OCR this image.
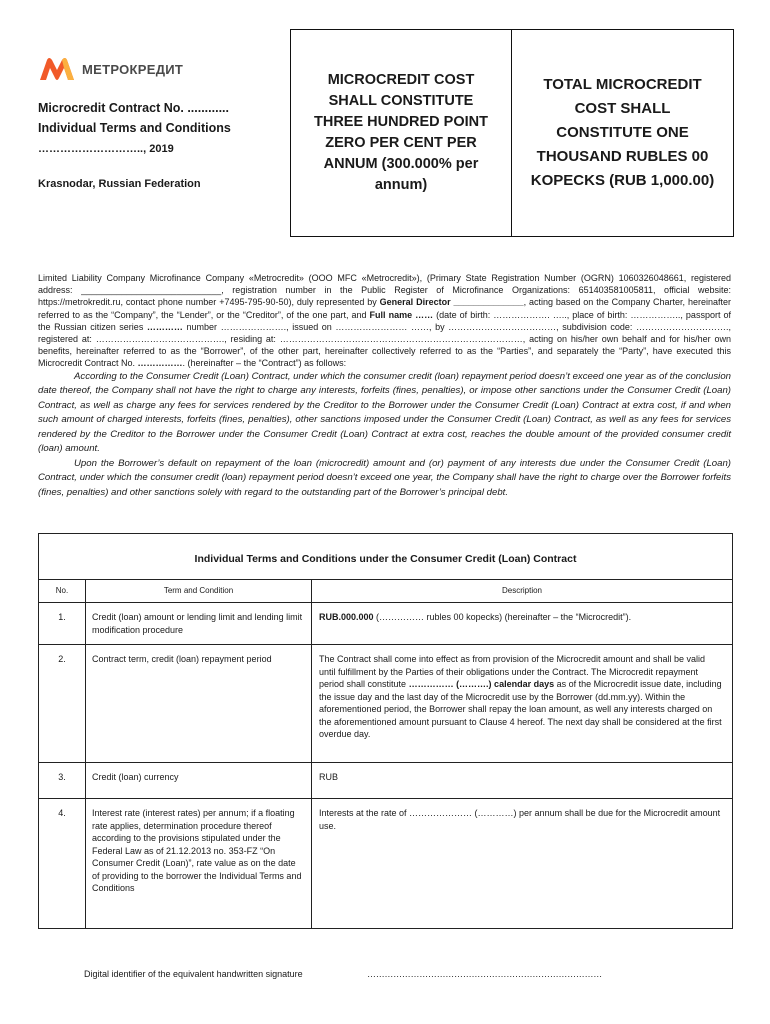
МЕТРОКРЕДИТ
Microcredit Contract No. ............
Individual Terms and Conditions
……………………….., 2019
Krasnodar, Russian Federation
MICROCREDIT COST SHALL CONSTITUTE THREE HUNDRED POINT ZERO PER CENT PER ANNUM (300.000% per annum)
TOTAL MICROCREDIT COST SHALL CONSTITUTE ONE THOUSAND RUBLES 00 KOPECKS (RUB 1,000.00)

Limited Liability Company Microfinance Company «Metrocredit» (OOO MFC «Metrocredit»), (Primary State Registration Number (OGRN) 1060326048661, registered address: ____________________________, registration number in the Public Register of Microfinance Organizations: 651403581005811, official website: https://metrokredit.ru, contact phone number +7495-795-90-50), duly represented by General Director ______________, acting based on the Company Charter, hereinafter referred to as the “Company”, the “Lender”, or the “Creditor”, of the one part, and Full name …… (date of birth: ………………. ….., place of birth: …………….., passport of the Russian citizen series ………… number …………………., issued on …………………… ……, by ………………………………, subdivision code: …………………………., registered at: ……………………………………., residing at: ………………………………………………………………………, acting on his/her own behalf and for his/her own benefits, hereinafter referred to as the “Borrower”, of the other part, hereinafter collectively referred to as the “Parties”, and separately the “Party”, have executed this Microcredit Contract No. ……………. (hereinafter – the “Contract”) as follows:

According to the Consumer Credit (Loan) Contract, under which the consumer credit (loan) repayment period doesn’t exceed one year as of the conclusion date thereof, the Company shall not have the right to charge any interests, forfeits (fines, penalties), or impose other sanctions under the Consumer Credit (Loan) Contract, as well as charge any fees for services rendered by the Creditor to the Borrower under the Consumer Credit (Loan) Contract at extra cost, if and when such amount of charged interests, forfeits (fines, penalties), other sanctions imposed under the Consumer Credit (Loan) Contract, as well as any fees for services rendered by the Creditor to the Borrower under the Consumer Credit (Loan) Contract at extra cost, reaches the double amount of the provided consumer credit (loan) amount.

Upon the Borrower’s default on repayment of the loan (microcredit) amount and (or) payment of any interests due under the Consumer Credit (Loan) Contract, under which the consumer credit (loan) repayment period doesn’t exceed one year, the Company shall have the right to charge over the Borrower forfeits (fines, penalties) and other sanctions solely with regard to the outstanding part of the Borrower’s principal debt.

Individual Terms and Conditions under the Consumer Credit (Loan) Contract		
No.	Term and Condition	Description
1.	Credit (loan) amount or lending limit and lending limit modification procedure	RUB.000.000 (…………… rubles 00 kopecks) (hereinafter – the “Microcredit”).
2.	Contract term, credit (loan) repayment period	The Contract shall come into effect as from provision of the Microcredit amount and shall be valid until fulfillment by the Parties of their obligations under the Contract. The Microcredit repayment period shall constitute …………… (……….) calendar days as of the Microcredit issue date, including the issue day and the last day of the Microcredit use by the Borrower (dd.mm.yy). Within the aforementioned period, the Borrower shall repay the loan amount, as well any interests charged on the aforementioned amount pursuant to Clause 4 hereof. The next day shall be considered at the first overdue day.
3.	Credit (loan) currency	RUB
4.	Interest rate (interest rates) per annum; if a floating rate applies, determination procedure thereof according to the provisions stipulated under the Federal Law as of 21.12.2013 no. 353-FZ “On Consumer Credit (Loan)”, rate value as on the date of providing to the borrower the Individual Terms and Conditions	Interests at the rate of ………………… (…………) per annum shall be due for the Microcredit amount use.
Digital identifier of the equivalent handwritten signature	………………………………………………………………………
